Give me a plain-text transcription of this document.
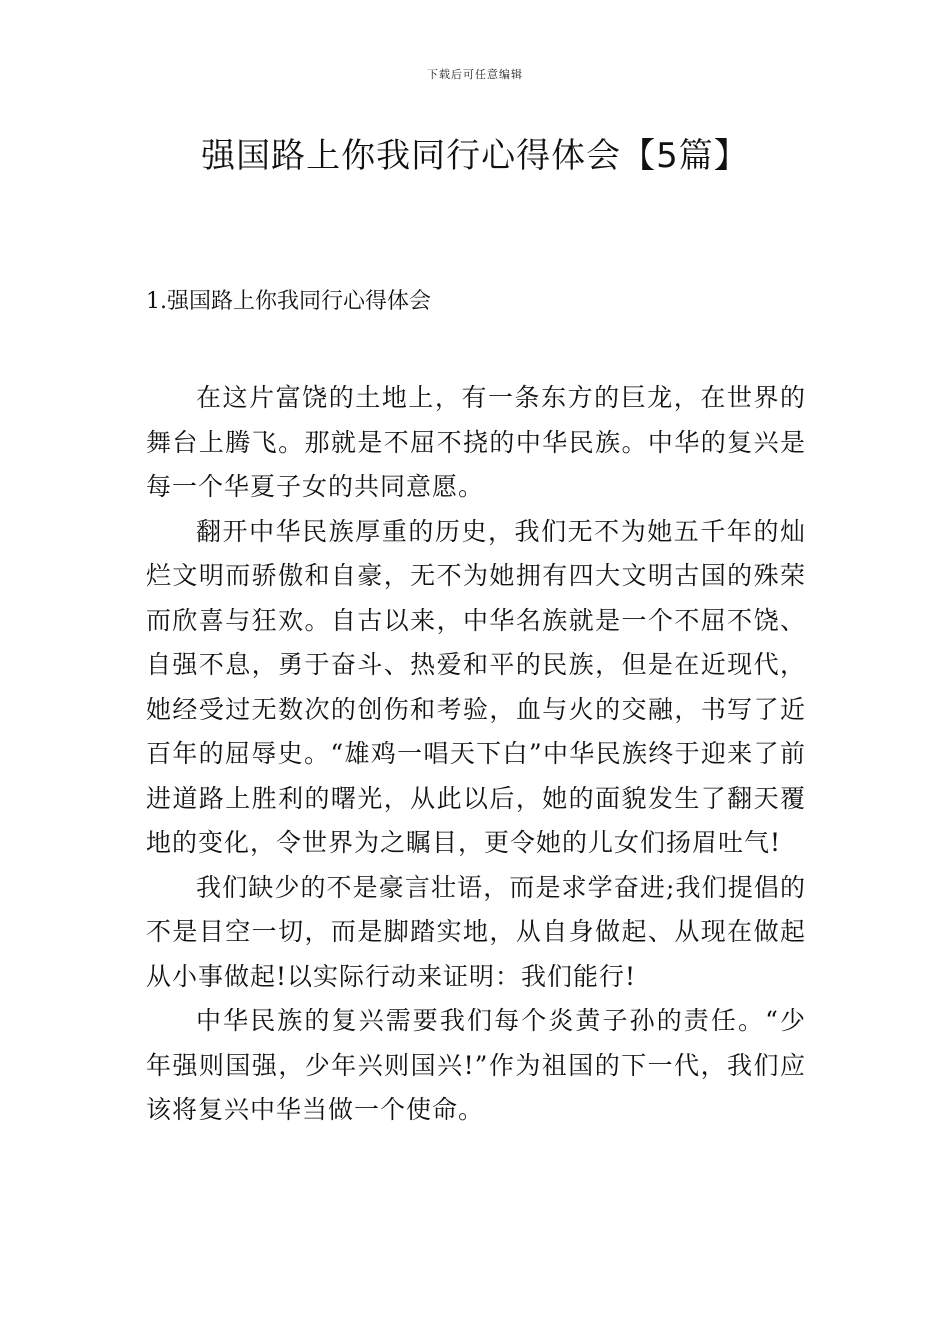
下载后可任意编辑
强国路上你我同行心得体会【5篇】
1.强国路上你我同行心得体会

在这片富饶的土地上，有一条东方的巨龙，在世界的舞台上腾飞。那就是不屈不挠的中华民族。中华的复兴是每一个华夏子女的共同意愿。

翻开中华民族厚重的历史，我们无不为她五千年的灿烂文明而骄傲和自豪，无不为她拥有四大文明古国的殊荣而欣喜与狂欢。自古以来，中华名族就是一个不屈不饶、自强不息，勇于奋斗、热爱和平的民族，但是在近现代，她经受过无数次的创伤和考验，血与火的交融，书写了近百年的屈辱史。“雄鸡一唱天下白”中华民族终于迎来了前进道路上胜利的曙光，从此以后，她的面貌发生了翻天覆地的变化，令世界为之瞩目，更令她的儿女们扬眉吐气!

我们缺少的不是豪言壮语，而是求学奋进;我们提倡的不是目空一切，而是脚踏实地，从自身做起、从现在做起从小事做起!以实际行动来证明：我们能行!

中华民族的复兴需要我们每个炎黄子孙的责任。“少年强则国强，少年兴则国兴!”作为祖国的下一代，我们应该将复兴中华当做一个使命。
